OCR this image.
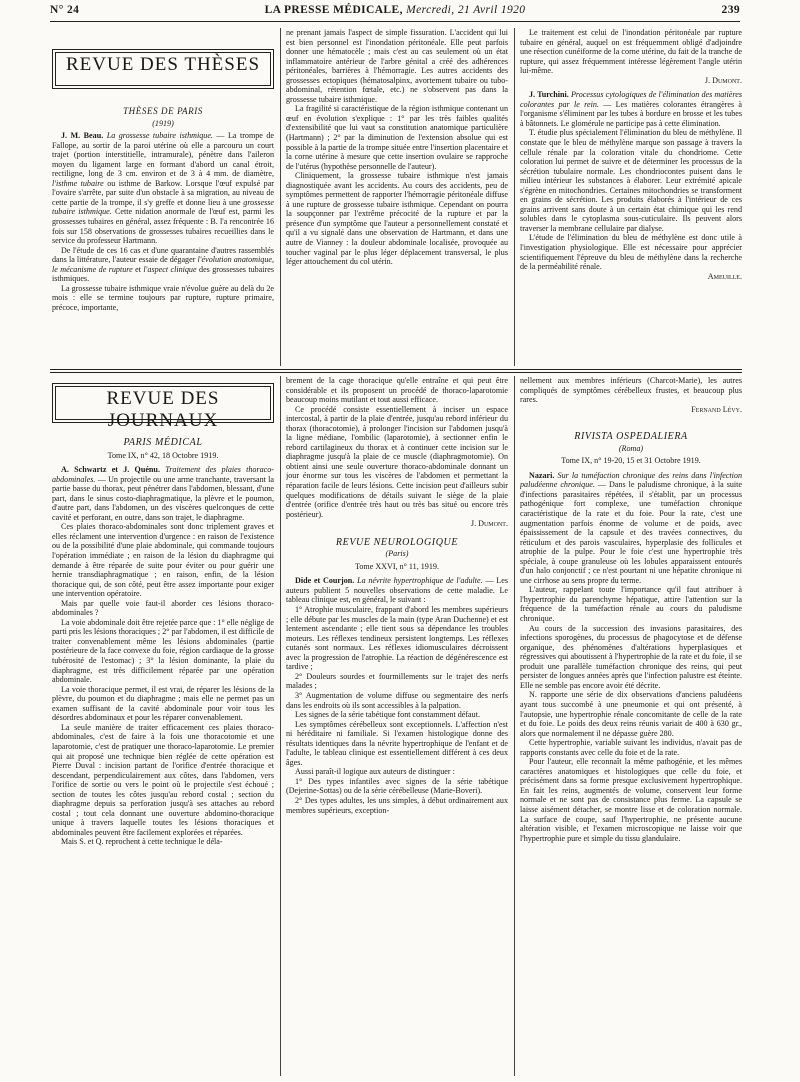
N° 24	LA PRESSE MÉDICALE, Mercredi, 21 Avril 1920	239
REVUE DES THÈSES
THÈSES DE PARIS
(1919)

J. M. Beau. La grossesse tubaire isthmique. — La trompe de Fallope, au sortir de la paroi utérine où elle a parcouru un court trajet (portion interstitielle, intramurale), pénètre dans l'aileron moyen du ligament large en formant d'abord un canal étroit, rectiligne, long de 3 cm. environ et de 3 à 4 mm. de diamètre, l'isthme tubaire ou isthme de Barkow. Lorsque l'œuf expulsé par l'ovaire s'arrête, par suite d'un obstacle à sa migration, au niveau de cette partie de la trompe, il s'y greffe et donne lieu à une grossesse tubaire isthmique. Cette nidation anormale de l'œuf est, parmi les grossesses tubaires en général, assez fréquente : B. l'a rencontrée 16 fois sur 158 observations de grossesses tubaires recueillies dans le service du professeur Hartmann.

De l'étude de ces 16 cas et d'une quarantaine d'autres rassemblés dans la littérature, l'auteur essaie de dégager l'évolution anatomique, le mécanisme de rupture et l'aspect clinique des grossesses tubaires isthmiques.

La grossesse tubaire isthmique vraie n'évolue guère au delà du 2e mois : elle se termine toujours par rupture, rupture primaire, précoce, importante,

ne prenant jamais l'aspect de simple fissuration. L'accident qui lui est bien personnel est l'inondation péritonéale. Elle peut parfois donner une hématocèle ; mais c'est au cas seulement où un état inflammatoire antérieur de l'arbre génital a créé des adhérences péritonéales, barrières à l'hémorragie. Les autres accidents des grossesses ectopiques (hématosalpinx, avortement tubaire ou tubo-abdominal, rétention fœtale, etc.) ne s'observent pas dans la grossesse tubaire isthmique.

La fragilité si caractéristique de la région isthmique contenant un œuf en évolution s'explique : 1° par les très faibles qualités d'extensibilité que lui vaut sa constitution anatomique particulière (Hartmann) ; 2° par la diminution de l'extension absolue qui est possible à la partie de la trompe située entre l'insertion placentaire et la corne utérine à mesure que cette insertion ovulaire se rapproche de l'utérus (hypothèse personnelle de l'auteur).

Cliniquement, la grossesse tubaire isthmique n'est jamais diagnostiquée avant les accidents. Au cours des accidents, peu de symptômes permettent de rapporter l'hémorragie péritonéale diffuse à une rupture de grossesse tubaire isthmique. Cependant on pourra la soupçonner par l'extrême précocité de la rupture et par la présence d'un symptôme que l'auteur a personnellement constaté et qu'il a vu signalé dans une observation de Hartmann, et dans une autre de Vianney : la douleur abdominale localisée, provoquée au toucher vaginal par le plus léger déplacement transversal, le plus léger attouchement du col utérin.

Le traitement est celui de l'inondation péritonéale par rupture tubaire en général, auquel on est fréquemment obligé d'adjoindre une résection cunéiforme de la corne utérine, du fait de la tranche de rupture, qui assez fréquemment intéresse légèrement l'angle utérin lui-même.

J. Dumont.

J. Turchini. Processus cytologiques de l'élimination des matières colorantes par le rein. — Les matières colorantes étrangères à l'organisme s'éliminent par les tubes à bordure en brosse et les tubes à bâtonnets. Le glomérule ne participe pas à cette élimination.

T. étudie plus spécialement l'élimination du bleu de méthylène. Il constate que le bleu de méthylène marque son passage à travers la cellule rénale par la coloration vitale du chondriome. Cette coloration lui permet de suivre et de déterminer les processus de la sécrétion tubulaire normale. Les chondriocontes puisent dans le milieu intérieur les substances à élaborer. Leur extrémité apicale s'égrène en mitochondries. Certaines mitochondries se transforment en grains de sécrétion. Les produits élaborés à l'intérieur de ces grains arrivent sans doute à un certain état chimique qui les rend solubles dans le cytoplasma sous-cuticulaire. Ils peuvent alors traverser la membrane cellulaire par dialyse.

L'étude de l'élimination du bleu de méthylène est donc utile à l'investigation physiologique. Elle est nécessaire pour apprécier scientifiquement l'épreuve du bleu de méthylène dans la recherche de la perméabilité rénale.

Ameuille.

REVUE DES JOURNAUX
PARIS MÉDICAL
Tome IX, n° 42, 18 Octobre 1919.

A. Schwartz et J. Quénu. Traitement des plaies thoraco-abdominales. — Un projectile ou une arme tranchante, traversant la partie basse du thorax, peut pénétrer dans l'abdomen, blessant, d'une part, dans le sinus costo-diaphragmatique, la plèvre et le poumon, d'autre part, dans l'abdomen, un des viscères quelconques de cette cavité et perforant, en outre, dans son trajet, le diaphragme.

Ces plaies thoraco-abdominales sont donc triplement graves et elles réclament une intervention d'urgence : en raison de l'existence ou de la possibilité d'une plaie abdominale, qui commande toujours l'opération immédiate ; en raison de la lésion du diaphragme qui demande à être réparée de suite pour éviter ou pour guérir une hernie transdiaphragmatique ; en raison, enfin, de la lésion thoracique qui, de son côté, peut être assez importante pour exiger une intervention opératoire.

Mais par quelle voie faut-il aborder ces lésions thoraco-abdominales ?

La voie abdominale doit être rejetée parce que : 1° elle néglige de parti pris les lésions thoraciques ; 2° par l'abdomen, il est difficile de traiter convenablement même les lésions abdominales (partie postérieure de la face convexe du foie, région cardiaque de la grosse tubérosité de l'estomac) ; 3° la lésion dominante, la plaie du diaphragme, est très difficilement réparée par une opération abdominale.

La voie thoracique permet, il est vrai, de réparer les lésions de la plèvre, du poumon et du diaphragme ; mais elle ne permet pas un examen suffisant de la cavité abdominale pour voir tous les désordres abdominaux et pour les réparer convenablement.

La seule manière de traiter efficacement ces plaies thoraco-abdominales, c'est de faire à la fois une thoracotomie et une laparotomie, c'est de pratiquer une thoraco-laparotomie. Le premier qui ait proposé une technique bien réglée de cette opération est Pierre Duval : incision partant de l'orifice d'entrée thoracique et descendant, perpendiculairement aux côtes, dans l'abdomen, vers l'orifice de sortie ou vers le point où le projectile s'est échoué ; section de toutes les côtes jusqu'au rebord costal ; section du diaphragme depuis sa perforation jusqu'à ses attaches au rebord costal ; tout cela donnant une ouverture abdomino-thoracique unique à travers laquelle toutes les lésions thoraciques et abdominales peuvent être facilement explorées et réparées.

Mais S. et Q. reprochent à cette technique le déla-

brement de la cage thoracique qu'elle entraîne et qui peut être considérable et ils proposent un procédé de thoraco-laparotomie beaucoup moins mutilant et tout aussi efficace.

Ce procédé consiste essentiellement à inciser un espace intercostal, à partir de la plaie d'entrée, jusqu'au rebord inférieur du thorax (thoracotomie), à prolonger l'incision sur l'abdomen jusqu'à la ligne médiane, l'ombilic (laparotomie), à sectionner enfin le rebord cartilagineux du thorax et à continuer cette incision sur le diaphragme jusqu'à la plaie de ce muscle (diaphragmotomie). On obtient ainsi une seule ouverture thoraco-abdominale donnant un jour énorme sur tous les viscères de l'abdomen et permettant la réparation facile de leurs lésions. Cette incision peut d'ailleurs subir quelques modifications de détails suivant le siège de la plaie d'entrée (orifice d'entrée très haut ou très bas situé ou encore très postérieur).

J. Dumont.

REVUE NEUROLOGIQUE
(Paris)
Tome XXVI, n° 11, 1919.

Dide et Courjon. La névrite hypertrophique de l'adulte. — Les auteurs publient 5 nouvelles observations de cette maladie. Le tableau clinique est, en général, le suivant :

1° Atrophie musculaire, frappant d'abord les membres supérieurs ; elle débute par les muscles de la main (type Aran Duchenne) et est lentement ascendante ; elle tient sous sa dépendance les troubles moteurs. Les réflexes tendineux persistent longtemps. Les réflexes cutanés sont normaux. Les réflexes idiomusculaires décroissent avec la progression de l'atrophie. La réaction de dégénérescence est tardive ;

2° Douleurs sourdes et fourmillements sur le trajet des nerfs malades ;

3° Augmentation de volume diffuse ou segmentaire des nerfs dans les endroits où ils sont accessibles à la palpation.

Les signes de la série tabétique font constamment défaut.

Les symptômes cérébelleux sont exceptionnels. L'affection n'est ni héréditaire ni familiale. Si l'examen histologique donne des résultats identiques dans la névrite hypertrophique de l'enfant et de l'adulte, le tableau clinique est essentiellement différent à ces deux âges.

Aussi paraît-il logique aux auteurs de distinguer :

1° Des types infantiles avec signes de la série tabétique (Dejerine-Sottas) ou de la série cérébelleuse (Marie-Boveri).

2° Des types adultes, les uns simples, à début ordinairement aux membres supérieurs, exception-

nellement aux membres inférieurs (Charcot-Marie), les autres compliqués de symptômes cérébelleux frustes, et beaucoup plus rares.

Fernand Lévy.

RIVISTA OSPEDALIERA
(Roma)
Tome IX, n° 19-20, 15 et 31 Octobre 1919.

Nazari. Sur la tuméfaction chronique des reins dans l'infection paludéenne chronique. — Dans le paludisme chronique, à la suite d'infections parasitaires répétées, il s'établit, par un processus pathogénique fort complexe, une tuméfaction chronique caractéristique de la rate et du foie. Pour la rate, c'est une augmentation parfois énorme de volume et de poids, avec épaississement de la capsule et des travées connectives, du réticulum et des parois vasculaires, hyperplasie des follicules et atrophie de la pulpe. Pour le foie c'est une hypertrophie très spéciale, à coupe granuleuse où les lobules apparaissent entourés d'un halo conjonctif ; ce n'est pourtant ni une hépatite chronique ni une cirrhose au sens propre du terme.

L'auteur, rappelant toute l'importance qu'il faut attribuer à l'hypertrophie du parenchyme hépatique, attire l'attention sur la fréquence de la tuméfaction rénale au cours du paludisme chronique.

Au cours de la succession des invasions parasitaires, des infections sporogènes, du processus de phagocytose et de défense organique, des phénomènes d'altérations hyperplasiques et régressives qui aboutissent à l'hypertrophie de la rate et du foie, il se produit une parallèle tuméfaction chronique des reins, qui peut persister de longues années après que l'infection palustre est éteinte. Elle ne semble pas encore avoir été décrite.

N. rapporte une série de dix observations d'anciens paludéens ayant tous succombé à une pneumonie et qui ont présenté, à l'autopsie, une hypertrophie rénale concomitante de celle de la rate et du foie. Le poids des deux reins réunis variait de 400 à 630 gr., alors que normalement il ne dépasse guère 280.

Cette hypertrophie, variable suivant les individus, n'avait pas de rapports constants avec celle du foie et de la rate.

Pour l'auteur, elle reconnaît la même pathogénie, et les mêmes caractères anatomiques et histologiques que celle du foie, et précisément dans sa forme presque exclusivement hypertrophique. En fait les reins, augmentés de volume, conservent leur forme normale et ne sont pas de consistance plus ferme. La capsule se laisse aisément détacher, se montre lisse et de coloration normale. La surface de coupe, sauf l'hypertrophie, ne présente aucune altération visible, et l'examen microscopique ne laisse voir que l'hypertrophie pure et simple du tissu glandulaire.
